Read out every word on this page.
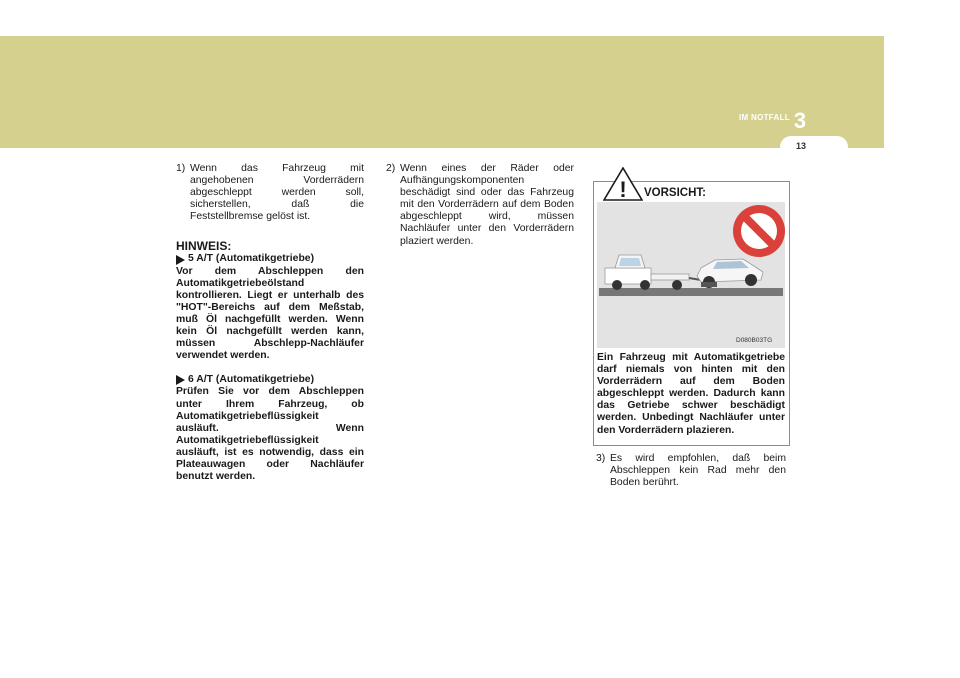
IM NOTFALL 3
13
1) Wenn das Fahrzeug mit angehobenen Vorderrädern abgeschleppt werden soll, sicherstellen, daß die Feststellbremse gelöst ist.
HINWEIS:
5 A/T (Automatikgetriebe)
Vor dem Abschleppen den Automatikgetriebeölstand kontrollieren. Liegt er unterhalb des "HOT"-Bereichs auf dem Meßstab, muß Öl nachgefüllt werden. Wenn kein Öl nachgefüllt werden kann, müssen Abschlepp-Nachläufer verwendet werden.
6 A/T (Automatikgetriebe)
Prüfen Sie vor dem Abschleppen unter Ihrem Fahrzeug, ob Automatikgetriebeflüssigkeit ausläuft. Wenn Automatikgetriebeflüssigkeit ausläuft, ist es notwendig, dass ein Plateauwagen oder Nachläufer benutzt werden.
2) Wenn eines der Räder oder Aufhängungskomponenten beschädigt sind oder das Fahrzeug mit den Vorderrädern auf dem Boden abgeschleppt wird, müssen Nachläufer unter den Vorderrädern plaziert werden.
! VORSICHT:
D080B03TG
Ein Fahrzeug mit Automatikgetriebe darf niemals von hinten mit den Vorderrädern auf dem Boden abgeschleppt werden. Dadurch kann das Getriebe schwer beschädigt werden. Unbedingt Nachläufer unter den Vorderrädern plazieren.
3) Es wird empfohlen, daß beim Abschleppen kein Rad mehr den Boden berührt.
